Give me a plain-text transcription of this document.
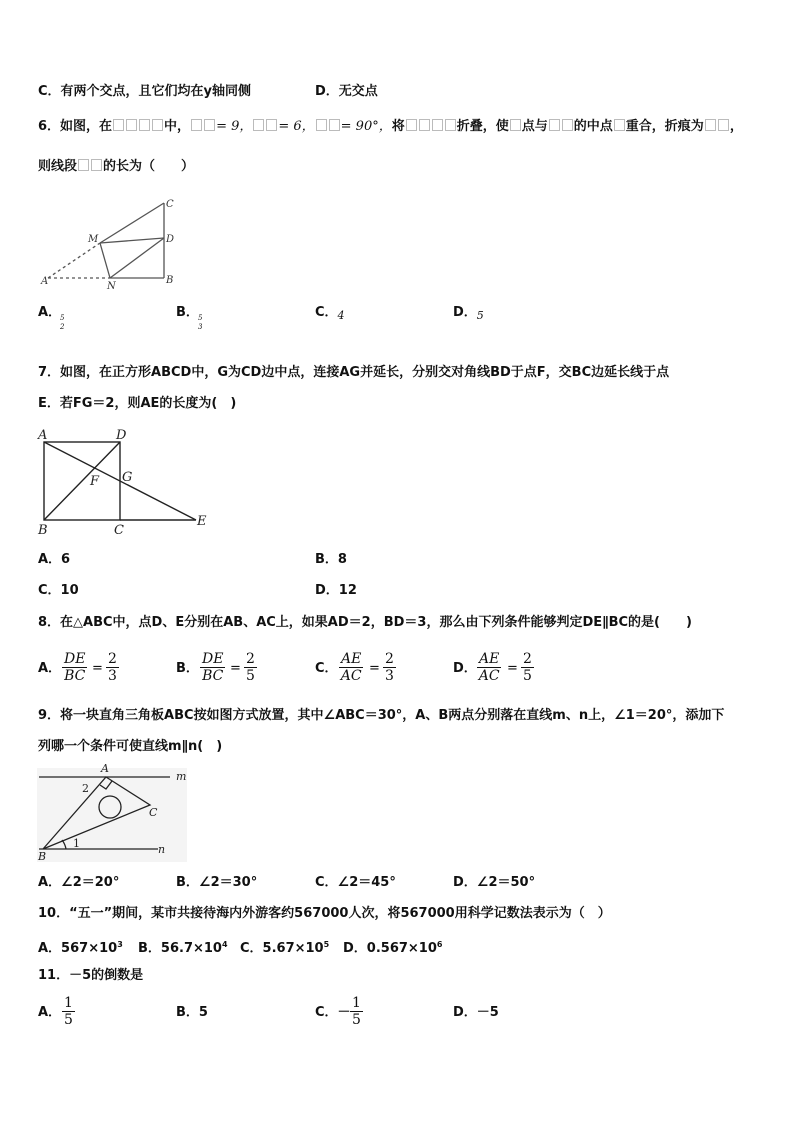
C．有两个交点，且它们均在y轴同侧	D．无交点
6．如图，在	中， = 9， = 6， = 90°，将	折叠，使 点与 的中点 重合，折痕为 ，
则线段 的长为（　　）
C
M	D
A	N
B
A．
5
2
B． 5
3
C．$_4$	D．$_5$
7．如图，在正方形ABCD中，G为CD边中点，连接AG并延长，分别交对角线BD于点F，交BC边延长线于点
E．若FG＝2，则AE的长度为(　)
A	D
F G
B	C
E
A．6	B．8
C．10	D．12
8．在△ABC中，点D、E分别在AB、AC上，如果AD＝2，BD＝3，那么由下列条件能够判定DE∥BC的是(　　)
A． $\frac{DE}{BC} = \frac{2}{3}$	B． $\frac{DE}{BC} = \frac{2}{5}$	C． $\frac{AE}{AC} = \frac{2}{3}$	D． $\frac{AE}{AC} = \frac{2}{5}$
9．将一块直角三角板ABC按如图方式放置，其中∠ABC＝30°，A、B两点分别落在直线m、n上，∠1＝20°，添加下
列哪一个条件可使直线m∥n(　)
A
m
2
C
1
B
n
A．∠2＝20°	B．∠2＝30°	C．∠2＝45°	D．∠2＝50°
10．“五一”期间，某市共接待海内外游客约567000人次，将567000用科学记数法表示为（　）
A．$567\times 10^3$ B．$56.7\times 10^4$ C．$5.67\times 10^5$ D．$0.567\times 10^6$
11．－5的倒数是
A． $\frac{1}{5}$	B．5	C．－ $\frac{1}{5}$	D．－5
